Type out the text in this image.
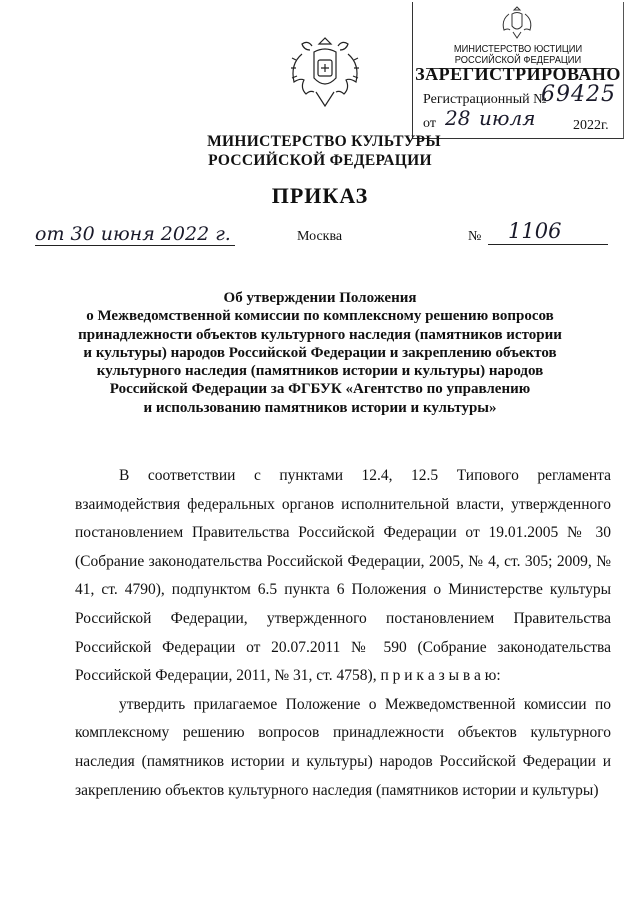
МИНИСТЕРСТВО ЮСТИЦИИ РОССИЙСКОЙ ФЕДЕРАЦИИ
ЗАРЕГИСТРИРОВАНО
Регистрационный №
69425
от 28 июля	2022г.
МИНИСТЕРСТВО КУЛЬТУРЫ
РОССИЙСКОЙ ФЕДЕРАЦИИ
ПРИКАЗ
от 30 июня 2022 г.	Москва	№ 1106
Об утверждении Положения
о Межведомственной комиссии по комплексному решению вопросов
принадлежности объектов культурного наследия (памятников истории
и культуры) народов Российской Федерации и закреплению объектов
культурного наследия (памятников истории и культуры) народов
Российской Федерации за ФГБУК «Агентство по управлению
и использованию памятников истории и культуры»

В соответствии с пунктами 12.4, 12.5 Типового регламента взаимодействия федеральных органов исполнительной власти, утвержденного постановлением Правительства Российской Федерации от 19.01.2005 № 30 (Собрание законодательства Российской Федерации, 2005, № 4, ст. 305; 2009, № 41, ст. 4790), подпунктом 6.5 пункта 6 Положения о Министерстве культуры Российской Федерации, утвержденного постановлением Правительства Российской Федерации от 20.07.2011 № 590 (Собрание законодательства Российской Федерации, 2011, № 31, ст. 4758), п р и к а з ы в а ю:

утвердить прилагаемое Положение о Межведомственной комиссии по комплексному решению вопросов принадлежности объектов культурного наследия (памятников истории и культуры) народов Российской Федерации и закреплению объектов культурного наследия (памятников истории и культуры)
